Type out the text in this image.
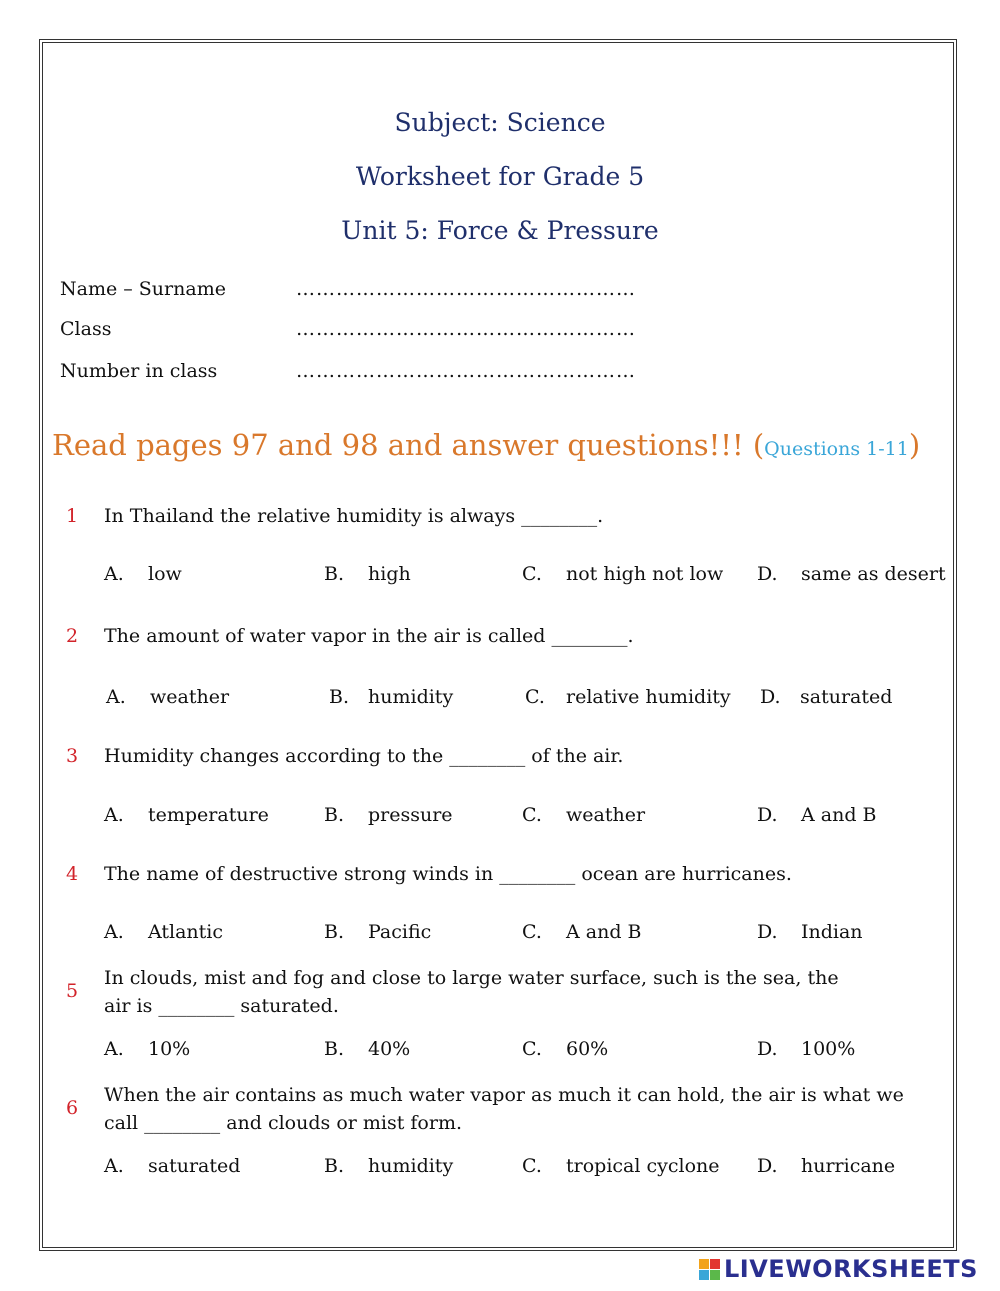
Subject: Science
Worksheet for Grade 5
Unit 5: Force & Pressure
Name – Surname	……………………………………………
Class	……………………………………………
Number in class	……………………………………………
Read pages 97 and 98 and answer questions!!! (Questions 1-11)
1 In Thailand the relative humidity is always ________.
A. low	B. high	C. not high not low D. same as desert
2 The amount of water vapor in the air is called ________.
A. weather	B. humidity	C. relative humidity D. saturated
3 Humidity changes according to the ________ of the air.
A. temperature	B. pressure	C. weather	D. A and B
4 The name of destructive strong winds in ________ ocean are hurricanes.
A. Atlantic	B. Pacific	C. A and B	D. Indian
5
In clouds, mist and fog and close to large water surface, such is the sea, the air is ________ saturated.
A. 10%	B. 40%	C. 60%	D. 100%
6
When the air contains as much water vapor as much it can hold, the air is what we call ________ and clouds or mist form.
A. saturated	B. humidity	C. tropical cyclone D. hurricane
LIVEWORKSHEETS
